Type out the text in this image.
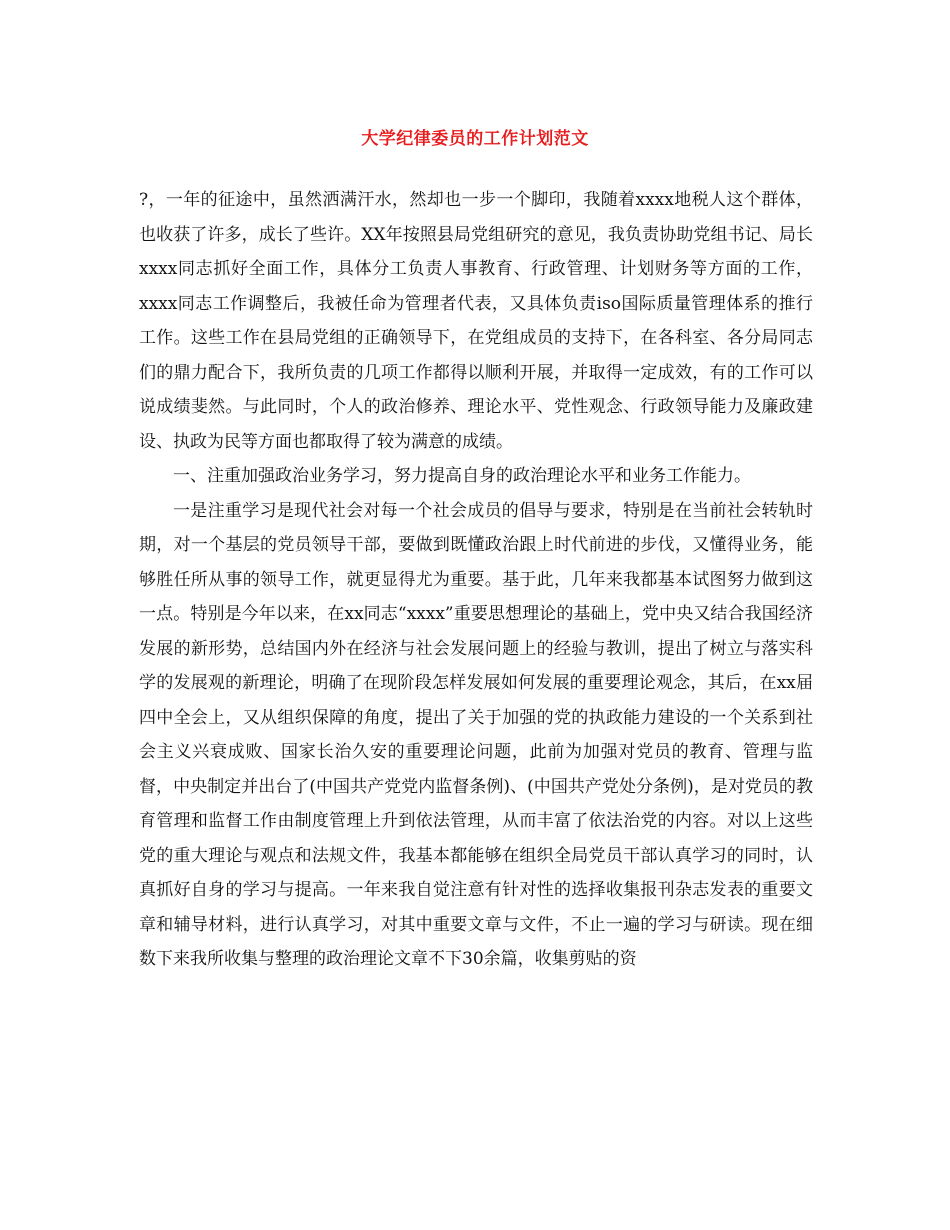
大学纪律委员的工作计划范文

?，一年的征途中，虽然洒满汗水，然却也一步一个脚印，我随着xxxx地税人这个群体，也收获了许多，成长了些许。XX年按照县局党组研究的意见，我负责协助党组书记、局长xxxx同志抓好全面工作，具体分工负责人事教育、行政管理、计划财务等方面的工作，xxxx同志工作调整后，我被任命为管理者代表，又具体负责iso国际质量管理体系的推行工作。这些工作在县局党组的正确领导下，在党组成员的支持下，在各科室、各分局同志们的鼎力配合下，我所负责的几项工作都得以顺利开展，并取得一定成效，有的工作可以说成绩斐然。与此同时，个人的政治修养、理论水平、党性观念、行政领导能力及廉政建设、执政为民等方面也都取得了较为满意的成绩。

一、注重加强政治业务学习，努力提高自身的政治理论水平和业务工作能力。

一是注重学习是现代社会对每一个社会成员的倡导与要求，特别是在当前社会转轨时期，对一个基层的党员领导干部，要做到既懂政治跟上时代前进的步伐，又懂得业务，能够胜任所从事的领导工作，就更显得尤为重要。基于此，几年来我都基本试图努力做到这一点。特别是今年以来，在xx同志“xxxx”重要思想理论的基础上，党中央又结合我国经济发展的新形势，总结国内外在经济与社会发展问题上的经验与教训，提出了树立与落实科学的发展观的新理论，明确了在现阶段怎样发展如何发展的重要理论观念，其后，在xx届四中全会上，又从组织保障的角度，提出了关于加强的党的执政能力建设的一个关系到社会主义兴衰成败、国家长治久安的重要理论问题，此前为加强对党员的教育、管理与监督，中央制定并出台了(中国共产党党内监督条例)、(中国共产党处分条例)，是对党员的教育管理和监督工作由制度管理上升到依法管理，从而丰富了依法治党的内容。对以上这些党的重大理论与观点和法规文件，我基本都能够在组织全局党员干部认真学习的同时，认真抓好自身的学习与提高。一年来我自觉注意有针对性的选择收集报刊杂志发表的重要文章和辅导材料，进行认真学习，对其中重要文章与文件，不止一遍的学习与研读。现在细数下来我所收集与整理的政治理论文章不下30余篇，收集剪贴的资
